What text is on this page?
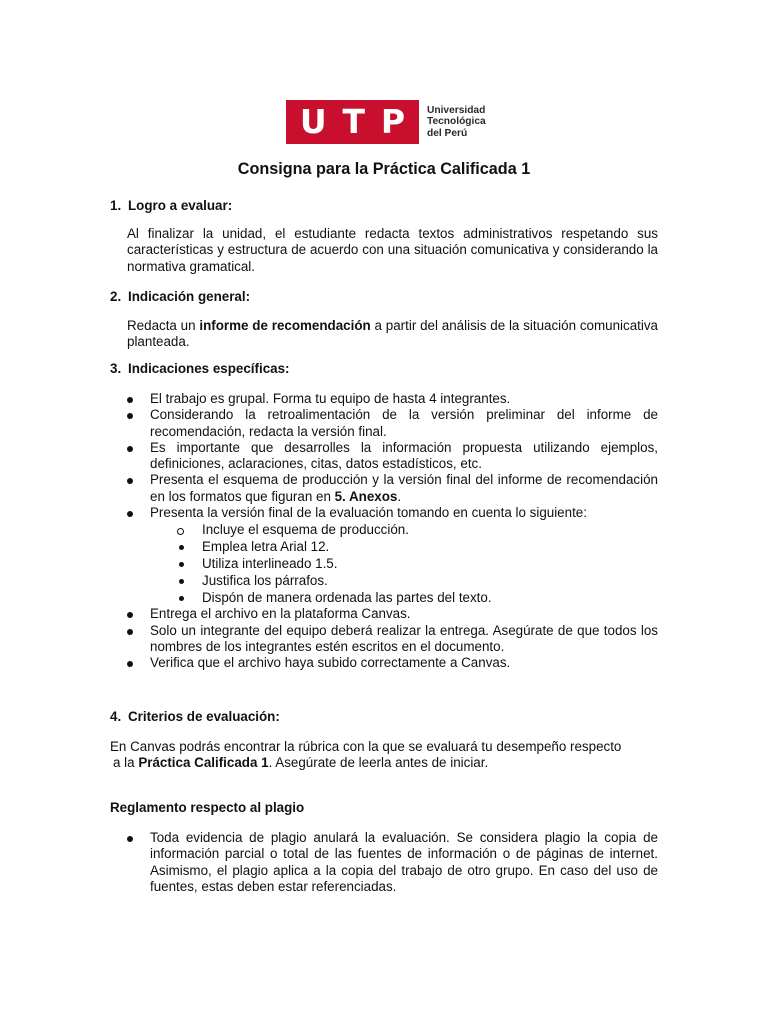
U T P Universidad
Tecnológica
del Perú
Consigna para la Práctica Calificada 1
1. Logro a evaluar:

Al finalizar la unidad, el estudiante redacta textos administrativos respetando sus características y estructura de acuerdo con una situación comunicativa y considerando la normativa gramatical.

2. Indicación general:

Redacta un informe de recomendación a partir del análisis de la situación comunicativa planteada.

3. Indicaciones específicas:
El trabajo es grupal. Forma tu equipo de hasta 4 integrantes.
Considerando la retroalimentación de la versión preliminar del informe de recomendación, redacta la versión final.
Es importante que desarrolles la información propuesta utilizando ejemplos, definiciones, aclaraciones, citas, datos estadísticos, etc.
Presenta el esquema de producción y la versión final del informe de recomendación en los formatos que figuran en 5. Anexos.
Presenta la versión final de la evaluación tomando en cuenta lo siguiente:
Incluye el esquema de producción.
Emplea letra Arial 12.
Utiliza interlineado 1.5.
Justifica los párrafos.
Dispón de manera ordenada las partes del texto.
Entrega el archivo en la plataforma Canvas.
Solo un integrante del equipo deberá realizar la entrega. Asegúrate de que todos los nombres de los integrantes estén escritos en el documento.
Verifica que el archivo haya subido correctamente a Canvas.
4. Criterios de evaluación:
En Canvas podrás encontrar la rúbrica con la que se evaluará tu desempeño respecto
a la Práctica Calificada 1. Asegúrate de leerla antes de iniciar.
Reglamento respecto al plagio
Toda evidencia de plagio anulará la evaluación. Se considera plagio la copia de información parcial o total de las fuentes de información o de páginas de internet. Asimismo, el plagio aplica a la copia del trabajo de otro grupo. En caso del uso de fuentes, estas deben estar referenciadas.
